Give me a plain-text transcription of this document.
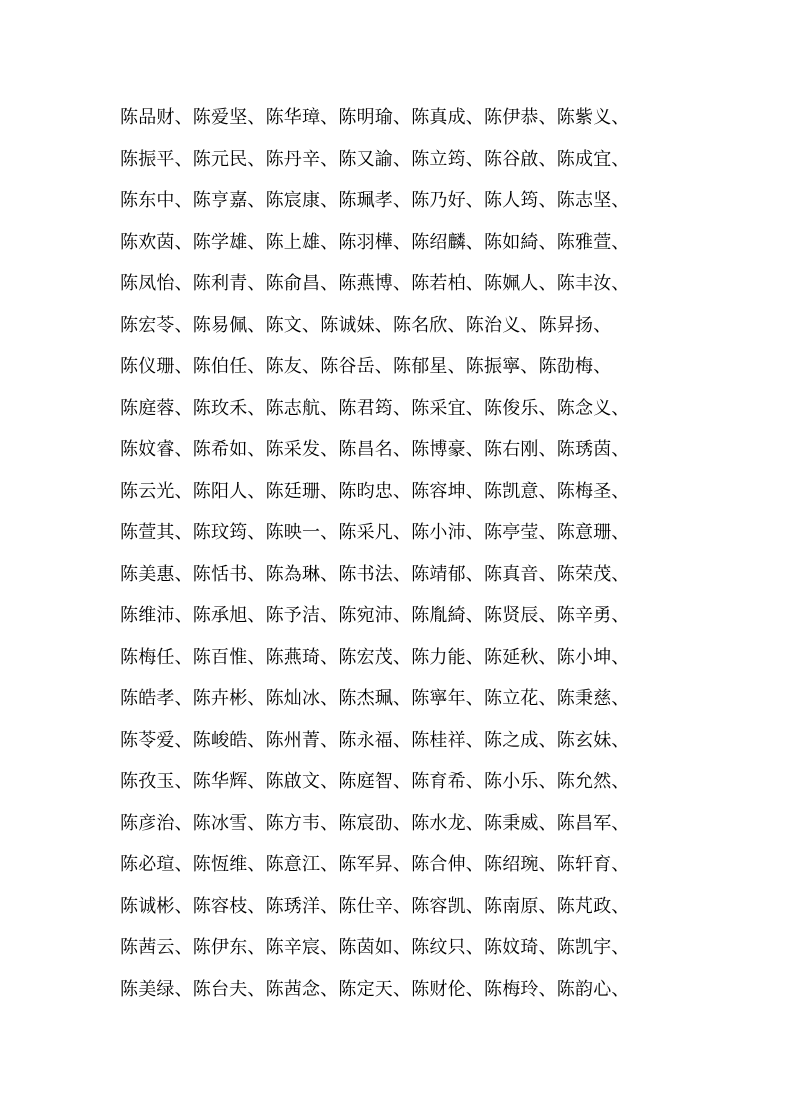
陈品财、陈爱坚、陈华璋、陈明瑜、陈真成、陈伊恭、陈紫义、
陈振平、陈元民、陈丹辛、陈又諭、陈立筠、陈谷啟、陈成宜、
陈东中、陈亨嘉、陈宸康、陈珮孝、陈乃好、陈人筠、陈志坚、
陈欢茵、陈学雄、陈上雄、陈羽樺、陈绍麟、陈如綺、陈雅萱、
陈凤怡、陈利青、陈俞昌、陈燕博、陈若柏、陈姵人、陈丰汝、
陈宏苓、陈易佩、陈文、陈诚妹、陈名欣、陈治义、陈昇扬、
陈仪珊、陈伯任、陈友、陈谷岳、陈郁星、陈振寧、陈劭梅、
陈庭蓉、陈玫禾、陈志航、陈君筠、陈采宜、陈俊乐、陈念义、
陈妏睿、陈希如、陈采发、陈昌名、陈博豪、陈右刚、陈琇茵、
陈云光、陈阳人、陈廷珊、陈昀忠、陈容坤、陈凯意、陈梅圣、
陈萱其、陈玟筠、陈映一、陈采凡、陈小沛、陈亭莹、陈意珊、
陈美惠、陈恬书、陈為琳、陈书法、陈靖郁、陈真音、陈荣茂、
陈维沛、陈承旭、陈予洁、陈宛沛、陈胤綺、陈贤辰、陈辛勇、
陈梅任、陈百惟、陈燕琦、陈宏茂、陈力能、陈延秋、陈小坤、
陈皓孝、陈卉彬、陈灿冰、陈杰珮、陈寧年、陈立花、陈秉慈、
陈苓爱、陈峻皓、陈州菁、陈永福、陈桂祥、陈之成、陈玄妹、
陈孜玉、陈华辉、陈啟文、陈庭智、陈育希、陈小乐、陈允然、
陈彦治、陈冰雪、陈方韦、陈宸劭、陈水龙、陈秉威、陈昌军、
陈必瑄、陈恆维、陈意江、陈军昇、陈合伸、陈绍琬、陈轩育、
陈诚彬、陈容枝、陈琇洋、陈仕辛、陈容凯、陈南原、陈芃政、
陈茜云、陈伊东、陈辛宸、陈茵如、陈纹只、陈妏琦、陈凯宇、
陈美绿、陈台夫、陈茜念、陈定天、陈财伦、陈梅玲、陈韵心、
